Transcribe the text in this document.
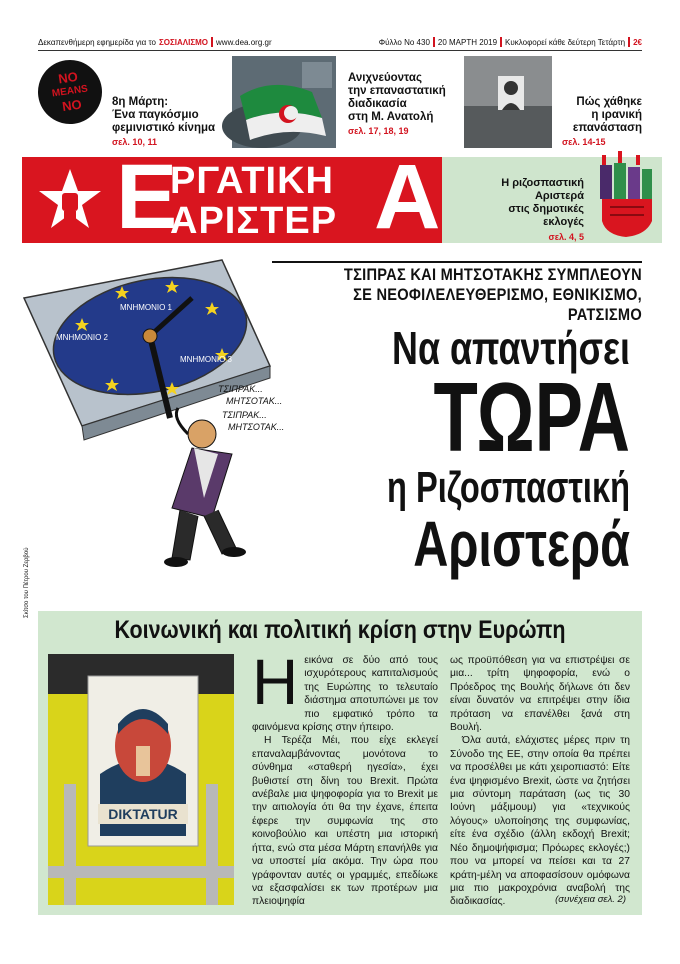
Δεκαπενθήμερη εφημερίδα για το ΣΟΣΙΑΛΙΣΜΟ www.dea.org.gr	Φύλλο Νο 430 20 ΜΑΡΤΗ 2019 Κυκλοφορεί κάθε δεύτερη Τετάρτη 2€
NO
MEANS
NO	8η Μάρτη:
Ένα παγκόσμιο
φεμινιστικό κίνημα
σελ. 10, 11
Ανιχνεύοντας
την επαναστατική
διαδικασία
στη Μ. Ανατολή
σελ. 17, 18, 19
Πώς χάθηκε
η ιρανική
επανάσταση
σελ. 14-15
Ε
ΡΓΑΤΙΚΗ
ΑΡΙΣΤΕΡ Α	Η ριζοσπαστική
Αριστερά
στις δημοτικές
εκλογές
σελ. 4, 5
ΜΝΗΜΟΝΙΟ 1
ΜΝΗΜΟΝΙΟ 2
ΜΝΗΜΟΝΙΟ 3
ΤΣΙΠΡΑΚ...
ΜΗΤΣΟΤΑΚ...
ΤΣΙΠΡΑΚ...
ΜΗΤΣΟΤΑΚ...
Σκίτσο του Πέτρου Ζερβού
ΤΣΙΠΡΑΣ ΚΑΙ ΜΗΤΣΟΤΑΚΗΣ ΣΥΜΠΛΕΟΥΝ
ΣΕ ΝΕΟΦΙΛΕΛΕΥΘΕΡΙΣΜΟ, ΕΘΝΙΚΙΣΜΟ, ΡΑΤΣΙΣΜΟ
Να απαντήσει
ΤΩΡΑ
η Ριζοσπαστική
Αριστερά
Κοινωνική και πολιτική κρίση στην Ευρώπη
DIKTATUR
Η εικόνα σε δύο από τους ισχυρότερους καπιταλισμούς της Ευρώπης το τελευταίο διάστημα αποτυπώνει με τον πιο εμφατικό τρόπο τα φαινόμενα κρίσης στην ήπειρο.

Η Τερέζα Μέι, που είχε εκλεγεί επαναλαμβάνοντας μονότονα το σύνθημα «σταθερή ηγεσία», έχει βυθιστεί στη δίνη του Brexit. Πρώτα ανέβαλε μια ψηφοφορία για το Brexit με την αιτιολογία ότι θα την έχανε, έπειτα έφερε την συμφωνία της στο κοινοβούλιο και υπέστη μια ιστορική ήττα, ενώ στα μέσα Μάρτη επανήλθε για να υποστεί μία ακόμα. Την ώρα που γράφονταν αυτές οι γραμμές, επεδίωκε να εξασφαλίσει εκ των προτέρων μια πλειοψηφία

ως προϋπόθεση για να επιστρέψει σε μια... τρίτη ψηφοφορία, ενώ ο Πρόεδρος της Βουλής δήλωνε ότι δεν είναι δυνατόν να επιτρέψει στην ίδια πρόταση να επανέλθει ξανά στη Βουλή.

Όλα αυτά, ελάχιστες μέρες πριν τη Σύνοδο της ΕΕ, στην οποία θα πρέπει να προσέλθει με κάτι χειροπιαστό: Είτε ένα ψηφισμένο Brexit, ώστε να ζητήσει μια σύντομη παράταση (ως τις 30 Ιούνη μάξιμουμ) για «τεχνικούς λόγους» υλοποίησης της συμφωνίας, είτε ένα σχέδιο (άλλη εκδοχή Brexit; Νέο δημοψήφισμα; Πρόωρες εκλογές;) που να μπορεί να πείσει και τα 27 κράτη-μέλη να αποφασίσουν ομόφωνα μια πιο μακροχρόνια αναβολή της διαδικασίας.	(συνέχεια σελ. 2)
